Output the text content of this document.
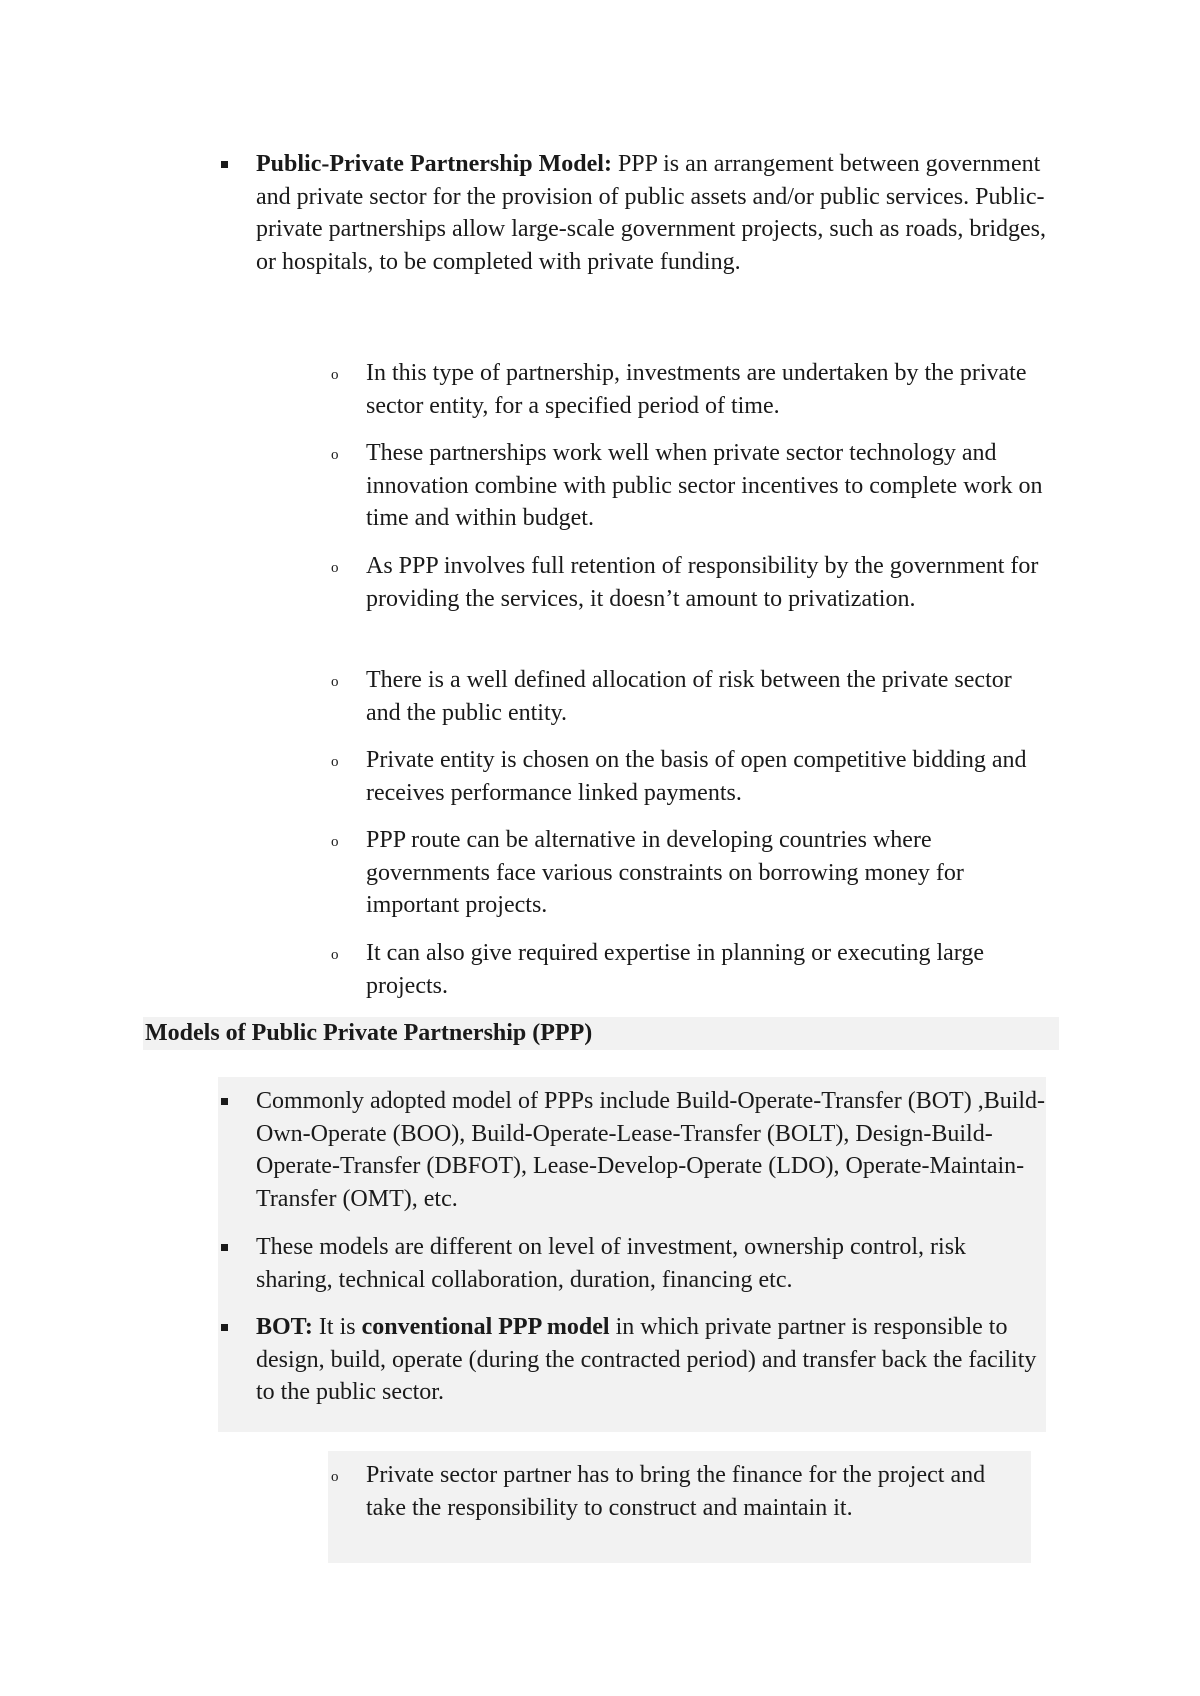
Public-Private Partnership Model: PPP is an arrangement between government and private sector for the provision of public assets and/or public services. Public-private partnerships allow large-scale government projects, such as roads, bridges, or hospitals, to be completed with private funding.
o In this type of partnership, investments are undertaken by the private sector entity, for a specified period of time.
o These partnerships work well when private sector technology and innovation combine with public sector incentives to complete work on time and within budget.
o As PPP involves full retention of responsibility by the government for providing the services, it doesn’t amount to privatization.
o There is a well defined allocation of risk between the private sector and the public entity.
o Private entity is chosen on the basis of open competitive bidding and receives performance linked payments.
o PPP route can be alternative in developing countries where governments face various constraints on borrowing money for important projects.
o It can also give required expertise in planning or executing large projects.
Models of Public Private Partnership (PPP)
Commonly adopted model of PPPs include Build-Operate-Transfer (BOT) ,Build-Own-Operate (BOO), Build-Operate-Lease-Transfer (BOLT), Design-Build-Operate-Transfer (DBFOT), Lease-Develop-Operate (LDO), Operate-Maintain-Transfer (OMT), etc.
These models are different on level of investment, ownership control, risk sharing, technical collaboration, duration, financing etc.
BOT: It is conventional PPP model in which private partner is responsible to design, build, operate (during the contracted period) and transfer back the facility to the public sector.
o Private sector partner has to bring the finance for the project and take the responsibility to construct and maintain it.
